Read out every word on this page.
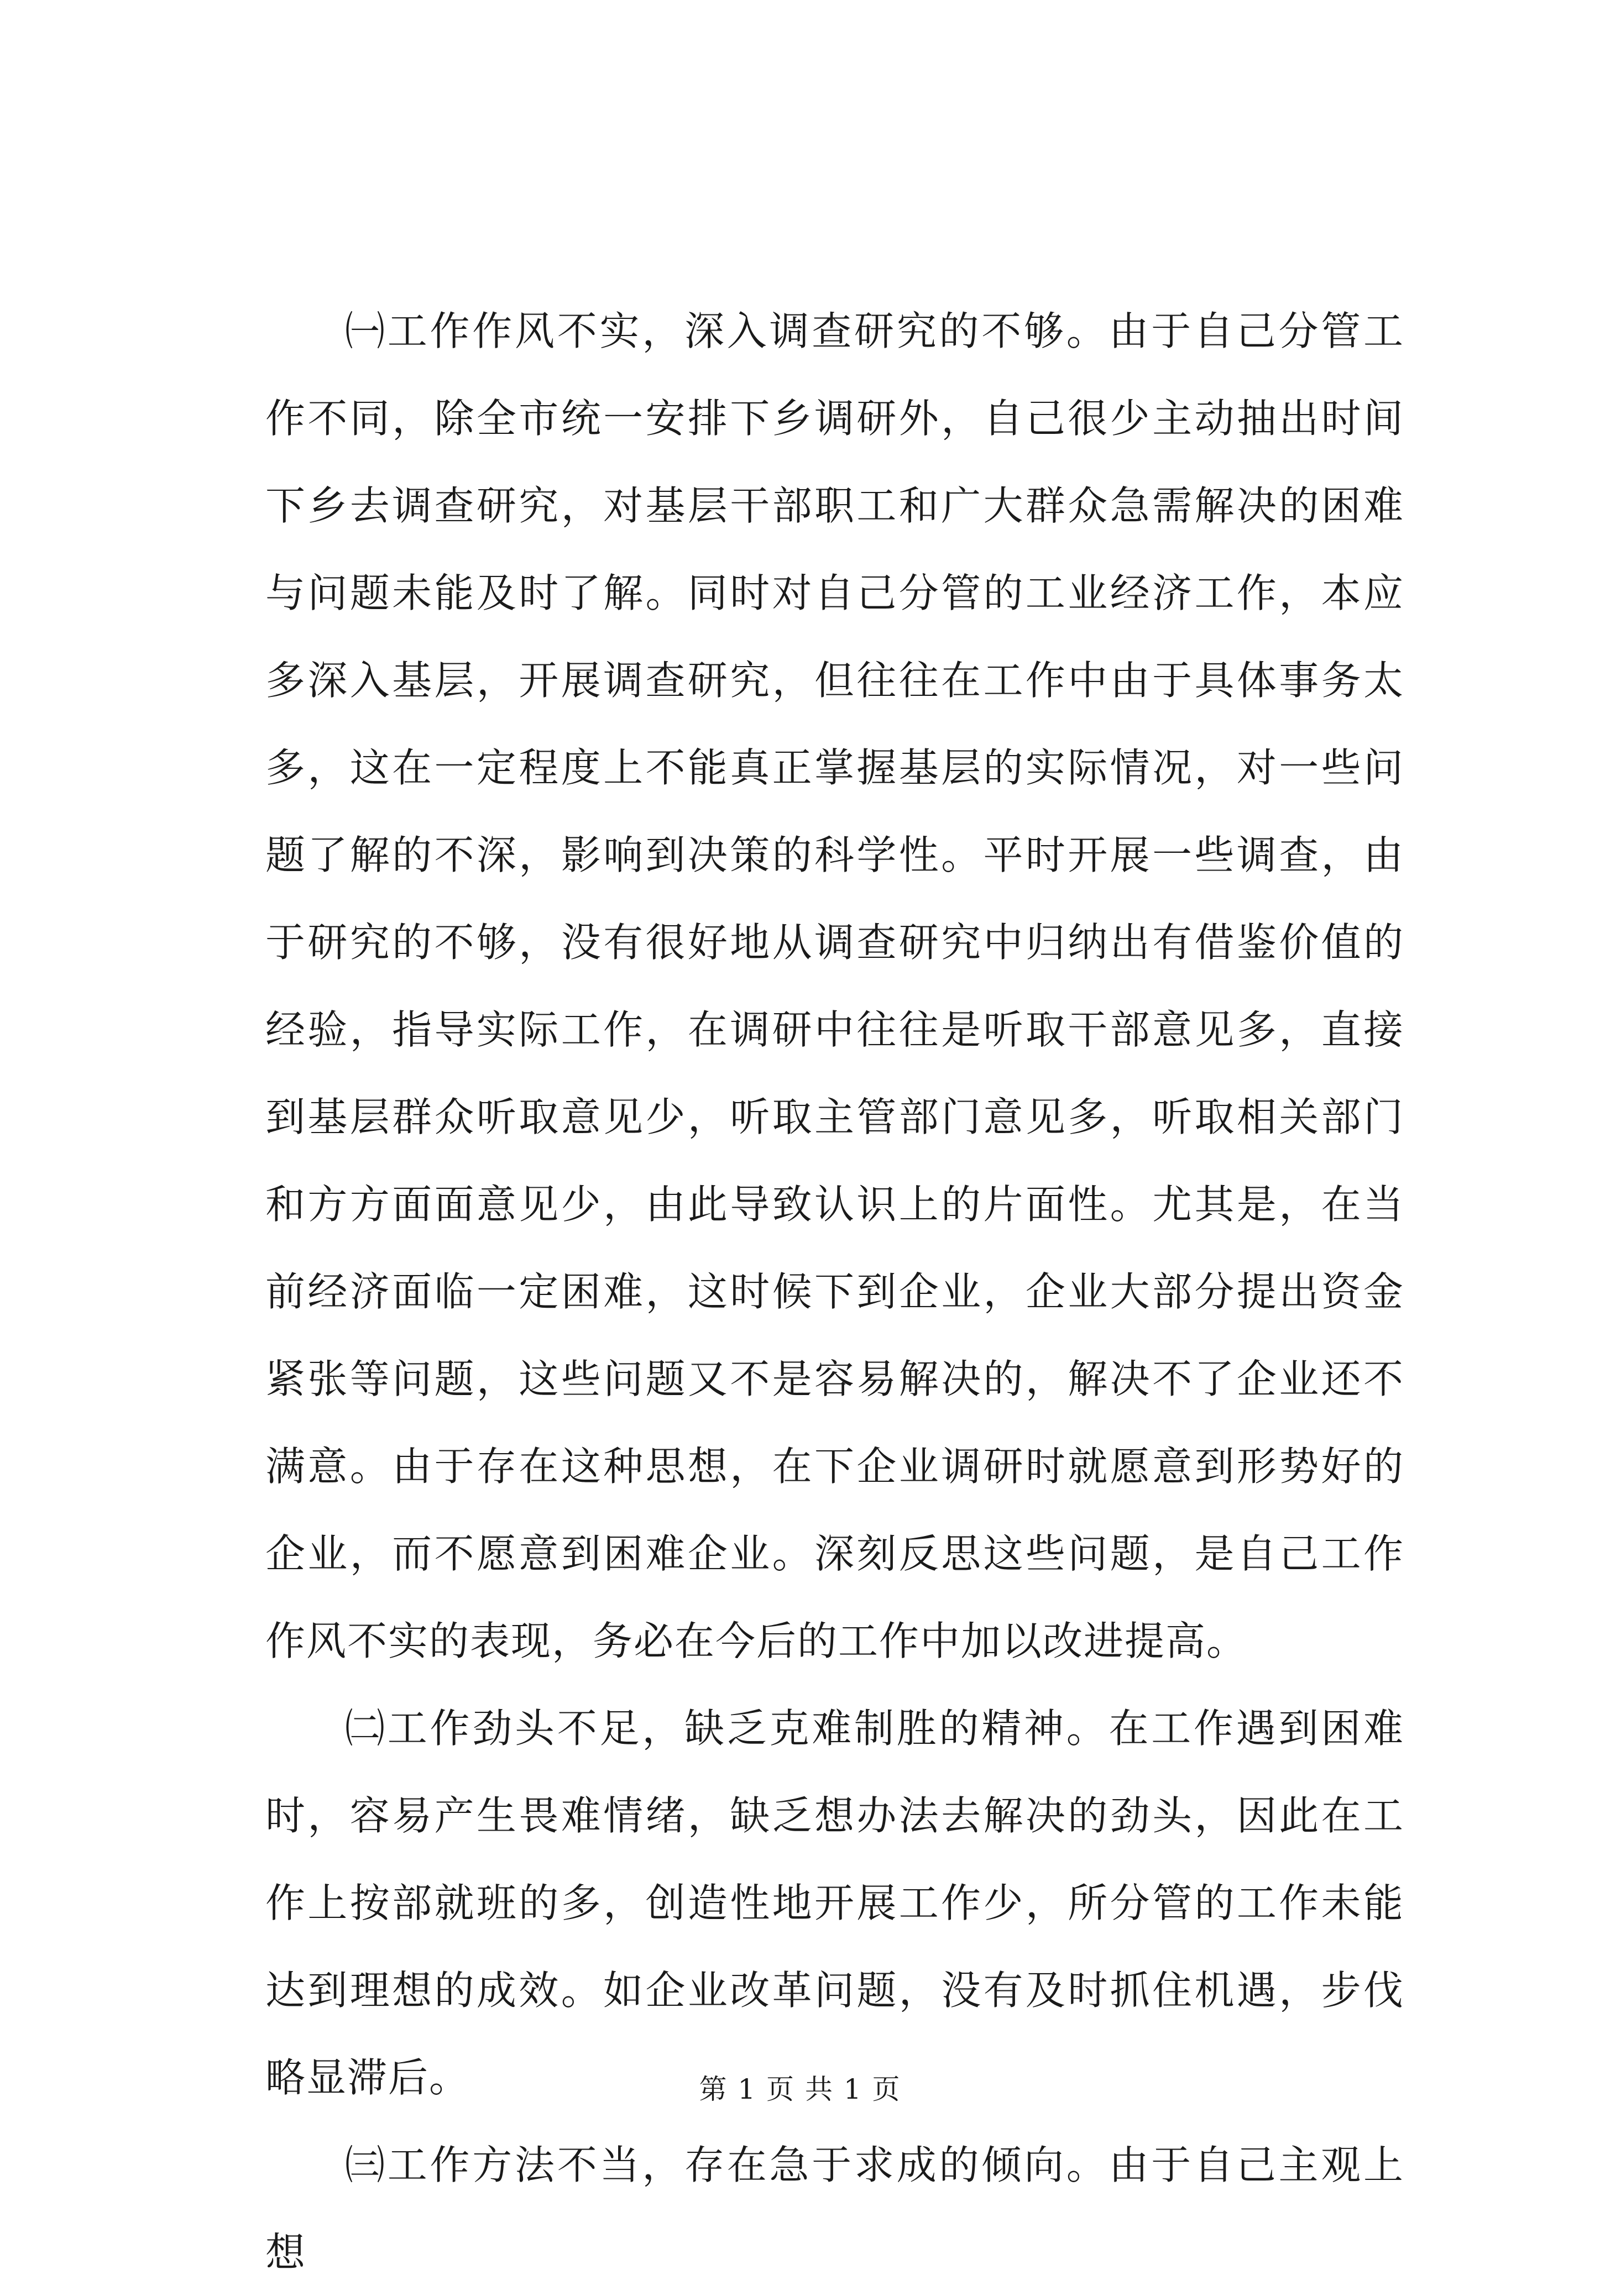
㈠工作作风不实，深入调查研究的不够。由于自己分管工作不同，除全市统一安排下乡调研外，自己很少主动抽出时间下乡去调查研究，对基层干部职工和广大群众急需解决的困难与问题未能及时了解。同时对自己分管的工业经济工作，本应多深入基层，开展调查研究，但往往在工作中由于具体事务太多，这在一定程度上不能真正掌握基层的实际情况，对一些问题了解的不深，影响到决策的科学性。平时开展一些调查，由于研究的不够，没有很好地从调查研究中归纳出有借鉴价值的经验，指导实际工作，在调研中往往是听取干部意见多，直接到基层群众听取意见少，听取主管部门意见多，听取相关部门和方方面面意见少，由此导致认识上的片面性。尤其是，在当前经济面临一定困难，这时候下到企业，企业大部分提出资金紧张等问题，这些问题又不是容易解决的，解决不了企业还不满意。由于存在这种思想，在下企业调研时就愿意到形势好的企业，而不愿意到困难企业。深刻反思这些问题，是自己工作作风不实的表现，务必在今后的工作中加以改进提高。

㈡工作劲头不足，缺乏克难制胜的精神。在工作遇到困难时，容易产生畏难情绪，缺乏想办法去解决的劲头，因此在工作上按部就班的多，创造性地开展工作少，所分管的工作未能达到理想的成效。如企业改革问题，没有及时抓住机遇，步伐略显滞后。

㈢工作方法不当，存在急于求成的倾向。由于自己主观上想

第 1 页 共 1 页
